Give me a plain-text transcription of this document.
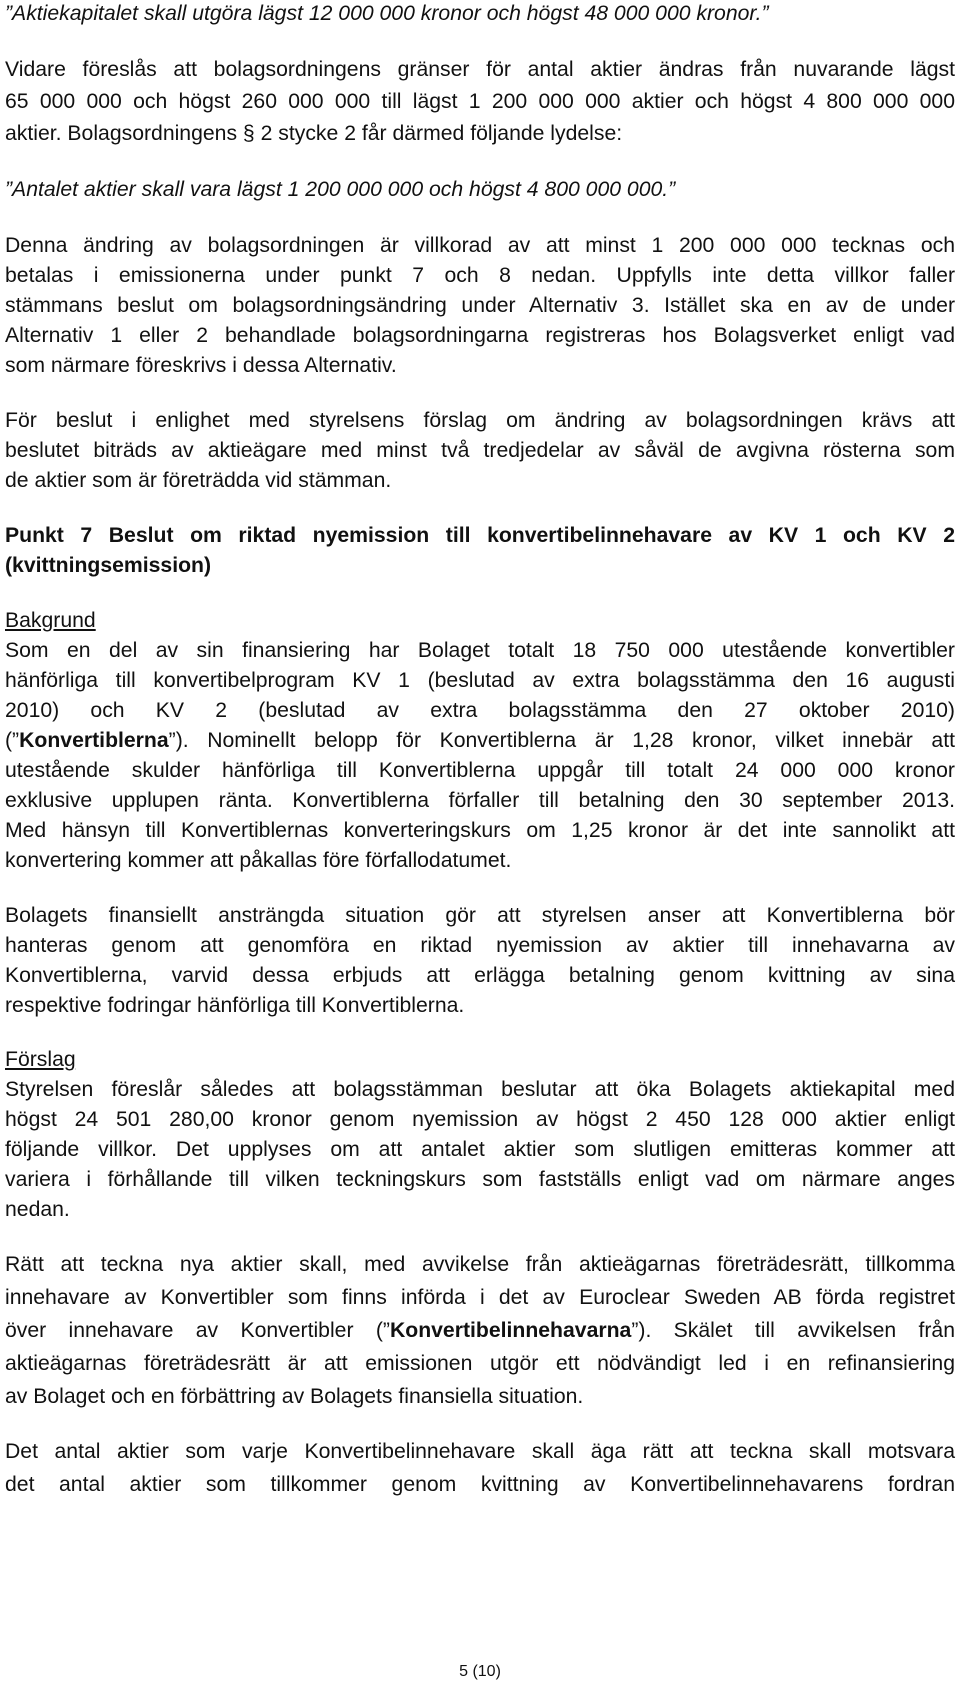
”Aktiekapitalet skall utgöra lägst 12 000 000 kronor och högst 48 000 000 kronor.”
Vidare föreslås att bolagsordningens gränser för antal aktier ändras från nuvarande lägst
65 000 000 och högst 260 000 000 till lägst 1 200 000 000 aktier och högst 4 800 000 000
aktier. Bolagsordningens § 2 stycke 2 får därmed följande lydelse:
”Antalet aktier skall vara lägst 1 200 000 000 och högst 4 800 000 000.”
Denna ändring av bolagsordningen är villkorad av att minst 1 200 000 000 tecknas och
betalas i emissionerna under punkt 7 och 8 nedan. Uppfylls inte detta villkor faller
stämmans beslut om bolagsordningsändring under Alternativ 3. Istället ska en av de under
Alternativ 1 eller 2 behandlade bolagsordningarna registreras hos Bolagsverket enligt vad
som närmare föreskrivs i dessa Alternativ.
För beslut i enlighet med styrelsens förslag om ändring av bolagsordningen krävs att
beslutet biträds av aktieägare med minst två tredjedelar av såväl de avgivna rösterna som
de aktier som är företrädda vid stämman.
Punkt 7 Beslut om riktad nyemission till konvertibelinnehavare av KV 1 och KV 2
(kvittningsemission)
Bakgrund
Som en del av sin finansiering har Bolaget totalt 18 750 000 utestående konvertibler
hänförliga till konvertibelprogram KV 1 (beslutad av extra bolagsstämma den 16 augusti
2010) och KV 2 (beslutad av extra bolagsstämma den 27 oktober 2010)
(”Konvertiblerna”). Nominellt belopp för Konvertiblerna är 1,28 kronor, vilket innebär att
utestående skulder hänförliga till Konvertiblerna uppgår till totalt 24 000 000 kronor
exklusive upplupen ränta. Konvertiblerna förfaller till betalning den 30 september 2013.
Med hänsyn till Konvertiblernas konverteringskurs om 1,25 kronor är det inte sannolikt att
konvertering kommer att påkallas före förfallodatumet.
Bolagets finansiellt ansträngda situation gör att styrelsen anser att Konvertiblerna bör
hanteras genom att genomföra en riktad nyemission av aktier till innehavarna av
Konvertiblerna, varvid dessa erbjuds att erlägga betalning genom kvittning av sina
respektive fodringar hänförliga till Konvertiblerna.
Förslag
Styrelsen föreslår således att bolagsstämman beslutar att öka Bolagets aktiekapital med
högst 24 501 280,00 kronor genom nyemission av högst 2 450 128 000 aktier enligt
följande villkor. Det upplyses om att antalet aktier som slutligen emitteras kommer att
variera i förhållande till vilken teckningskurs som fastställs enligt vad om närmare anges
nedan.
Rätt att teckna nya aktier skall, med avvikelse från aktieägarnas företrädesrätt, tillkomma
innehavare av Konvertibler som finns införda i det av Euroclear Sweden AB förda registret
över innehavare av Konvertibler (”Konvertibelinnehavarna”). Skälet till avvikelsen från
aktieägarnas företrädesrätt är att emissionen utgör ett nödvändigt led i en refinansiering
av Bolaget och en förbättring av Bolagets finansiella situation.
Det antal aktier som varje Konvertibelinnehavare skall äga rätt att teckna skall motsvara
det antal aktier som tillkommer genom kvittning av Konvertibelinnehavarens fordran
5 (10)
